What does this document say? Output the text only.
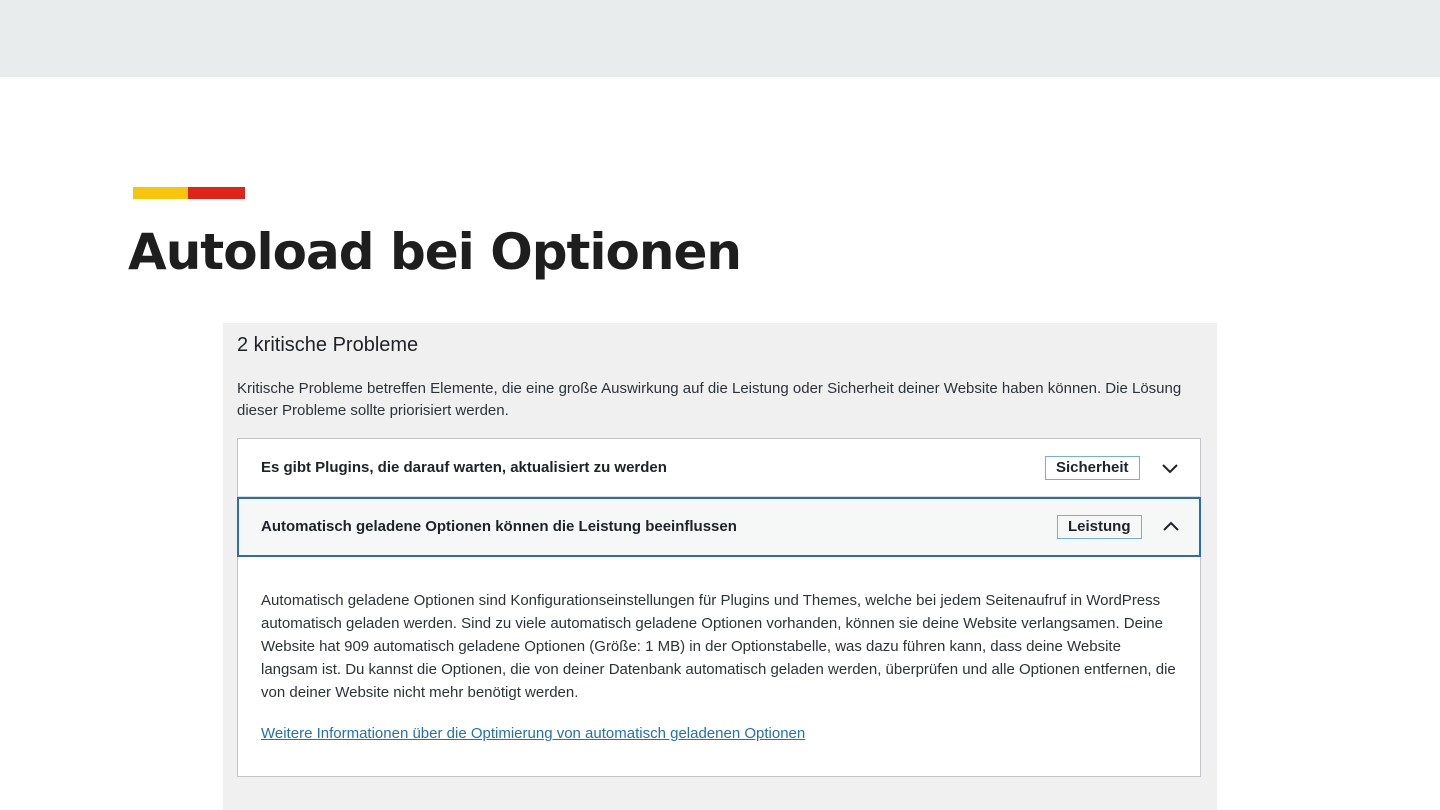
Autoload bei Optionen
2 kritische Probleme

Kritische Probleme betreffen Elemente, die eine große Auswirkung auf die Leistung oder Sicherheit deiner Website haben können. Die Lösung dieser Probleme sollte priorisiert werden.

Es gibt Plugins, die darauf warten, aktualisiert zu werden	Sicherheit
Automatisch geladene Optionen können die Leistung beeinflussen	Leistung

Automatisch geladene Optionen sind Konfigurationseinstellungen für Plugins und Themes, welche bei jedem Seitenaufruf in WordPress automatisch geladen werden. Sind zu viele automatisch geladene Optionen vorhanden, können sie deine Website verlangsamen. Deine Website hat 909 automatisch geladene Optionen (Größe: 1 MB) in der Optionstabelle, was dazu führen kann, dass deine Website langsam ist. Du kannst die Optionen, die von deiner Datenbank automatisch geladen werden, überprüfen und alle Optionen entfernen, die von deiner Website nicht mehr benötigt werden.

Weitere Informationen über die Optimierung von automatisch geladenen Optionen
